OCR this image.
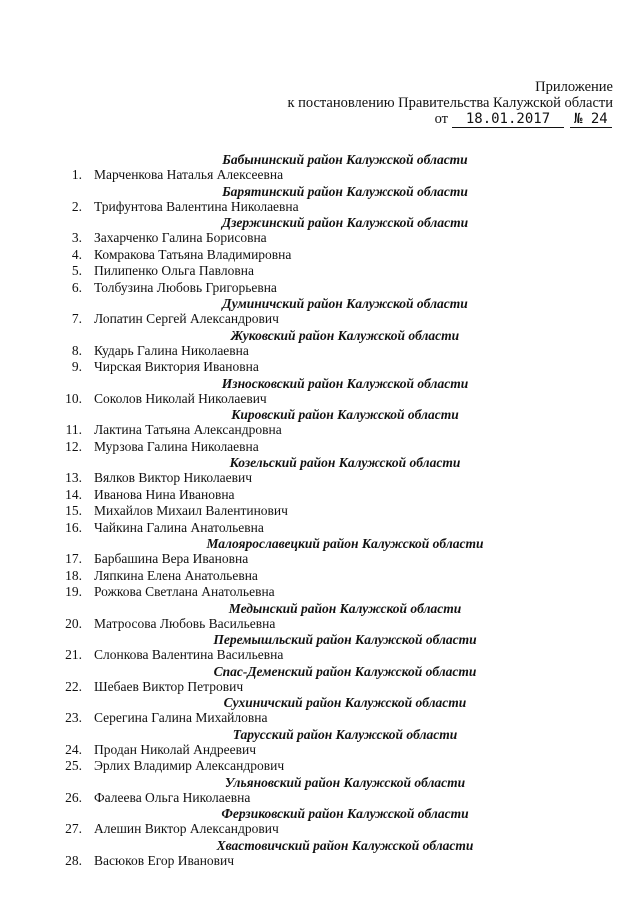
Приложение
к постановлению Правительства Калужской области
от 18.01.2017 № 24
Бабынинский район Калужской области
1. Марченкова Наталья Алексеевна
Барятинский район Калужской области
2. Трифунтова Валентина Николаевна
Дзержинский район Калужской области
3. Захарченко Галина Борисовна
4. Комракова Татьяна Владимировна
5. Пилипенко Ольга Павловна
6. Толбузина Любовь Григорьевна
Думиничский район Калужской области
7. Лопатин Сергей Александрович
Жуковский район Калужской области
8. Кударь Галина Николаевна
9. Чирская Виктория Ивановна
Износковский район Калужской области
10. Соколов Николай Николаевич
Кировский район Калужской области
11. Лактина Татьяна Александровна
12. Мурзова Галина Николаевна
Козельский район Калужской области
13. Вялков Виктор Николаевич
14. Иванова Нина Ивановна
15. Михайлов Михаил Валентинович
16. Чайкина Галина Анатольевна
Малоярославецкий район Калужской области
17. Барбашина Вера Ивановна
18. Ляпкина Елена Анатольевна
19. Рожкова Светлана Анатольевна
Медынский район Калужской области
20. Матросова Любовь Васильевна
Перемышльский район Калужской области
21. Слонкова Валентина Васильевна
Спас-Деменский район Калужской области
22. Шебаев Виктор Петрович
Сухиничский район Калужской области
23. Серегина Галина Михайловна
Тарусский район Калужской области
24. Продан Николай Андреевич
25. Эрлих Владимир Александрович
Ульяновский район Калужской области
26. Фалеева Ольга Николаевна
Ферзиковский район Калужской области
27. Алешин Виктор Александрович
Хвастовичский район Калужской области
28. Васюков Егор Иванович
